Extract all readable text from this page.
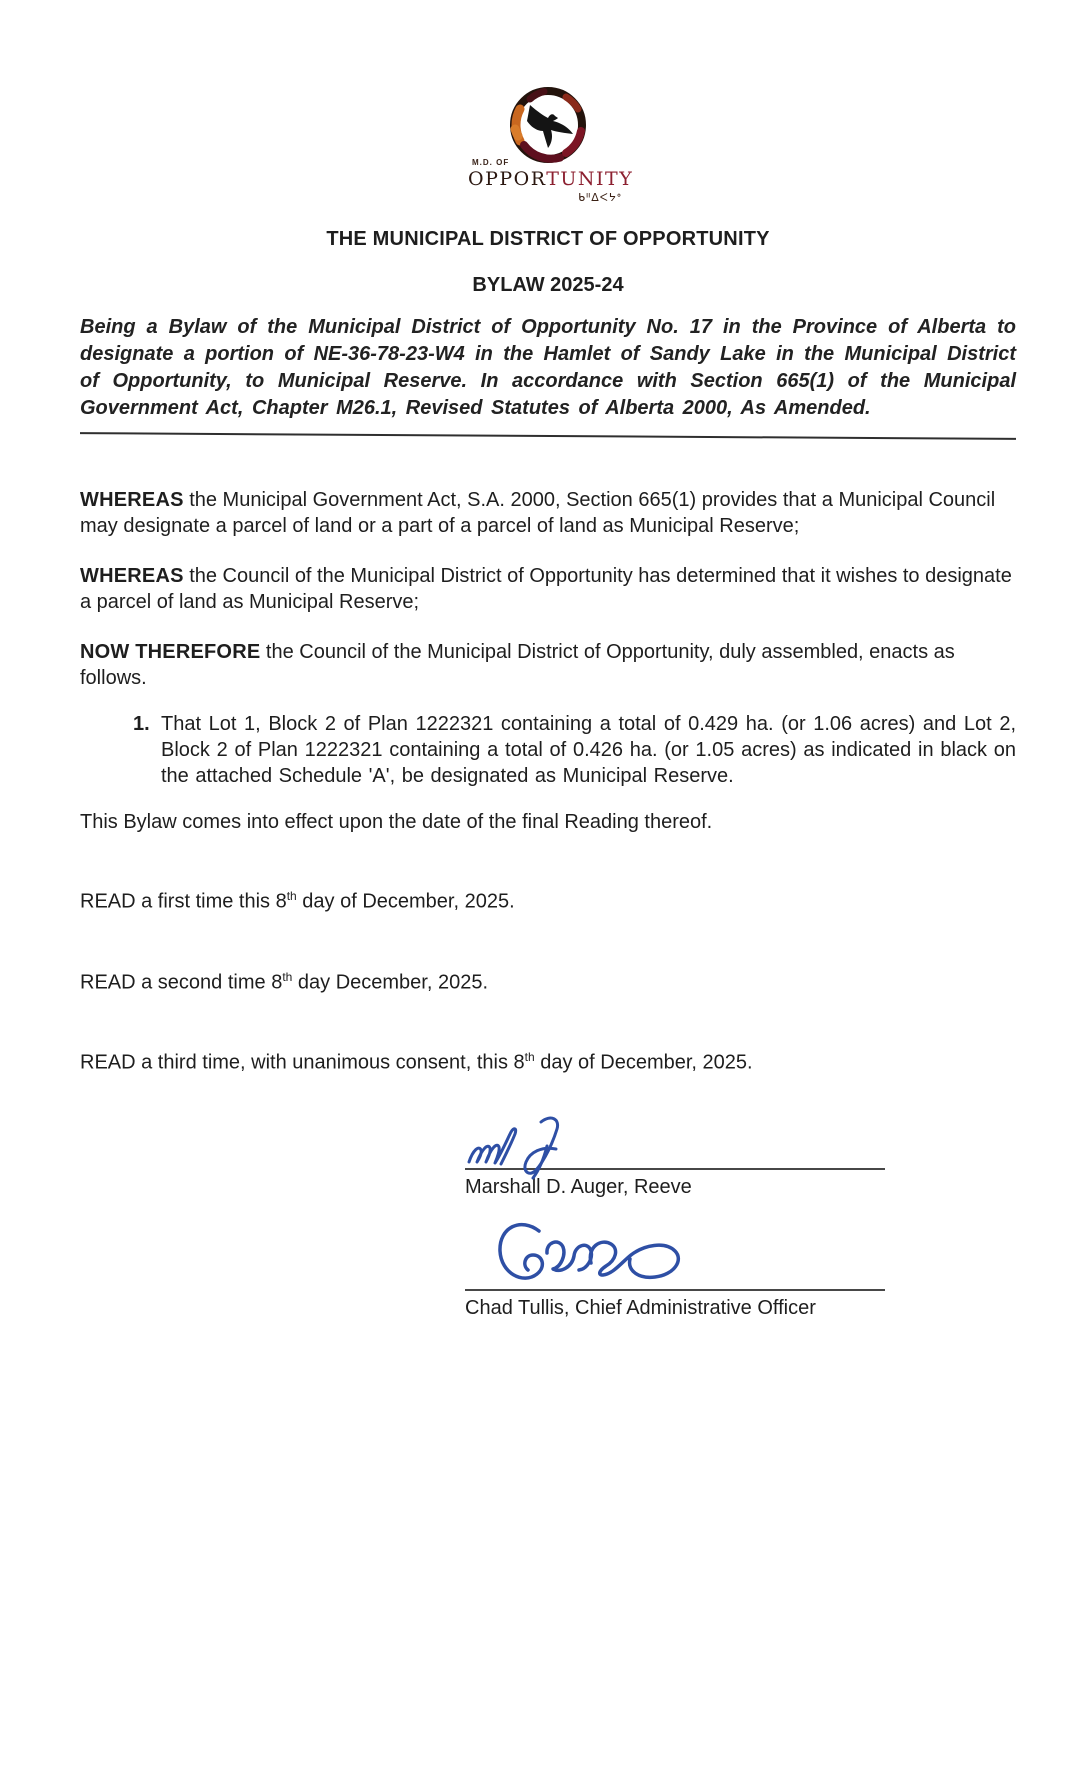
M.D. OF
OPPORTUNITY
ᑲᐦᐃᐸᔭᐤ
THE MUNICIPAL DISTRICT OF OPPORTUNITY
BYLAW 2025-24

Being a Bylaw of the Municipal District of Opportunity No. 17 in the Province of Alberta to designate a portion of NE-36-78-23-W4 in the Hamlet of Sandy Lake in the Municipal District of Opportunity, to Municipal Reserve. In accordance with Section 665(1) of the Municipal Government Act, Chapter M26.1, Revised Statutes of Alberta 2000, As Amended.

WHEREAS the Municipal Government Act, S.A. 2000, Section 665(1) provides that a Municipal Council may designate a parcel of land or a part of a parcel of land as Municipal Reserve;

WHEREAS the Council of the Municipal District of Opportunity has determined that it wishes to designate a parcel of land as Municipal Reserve;

NOW THEREFORE the Council of the Municipal District of Opportunity, duly assembled, enacts as follows.

1. That Lot 1, Block 2 of Plan 1222321 containing a total of 0.429 ha. (or 1.06 acres) and Lot 2, Block 2 of Plan 1222321 containing a total of 0.426 ha. (or 1.05 acres) as indicated in black on the attached Schedule 'A', be designated as Municipal Reserve.

This Bylaw comes into effect upon the date of the final Reading thereof.

READ a first time this 8th day of December, 2025.

READ a second time 8th day December, 2025.

READ a third time, with unanimous consent, this 8th day of December, 2025.

Marshall D. Auger, Reeve
Chad Tullis, Chief Administrative Officer
